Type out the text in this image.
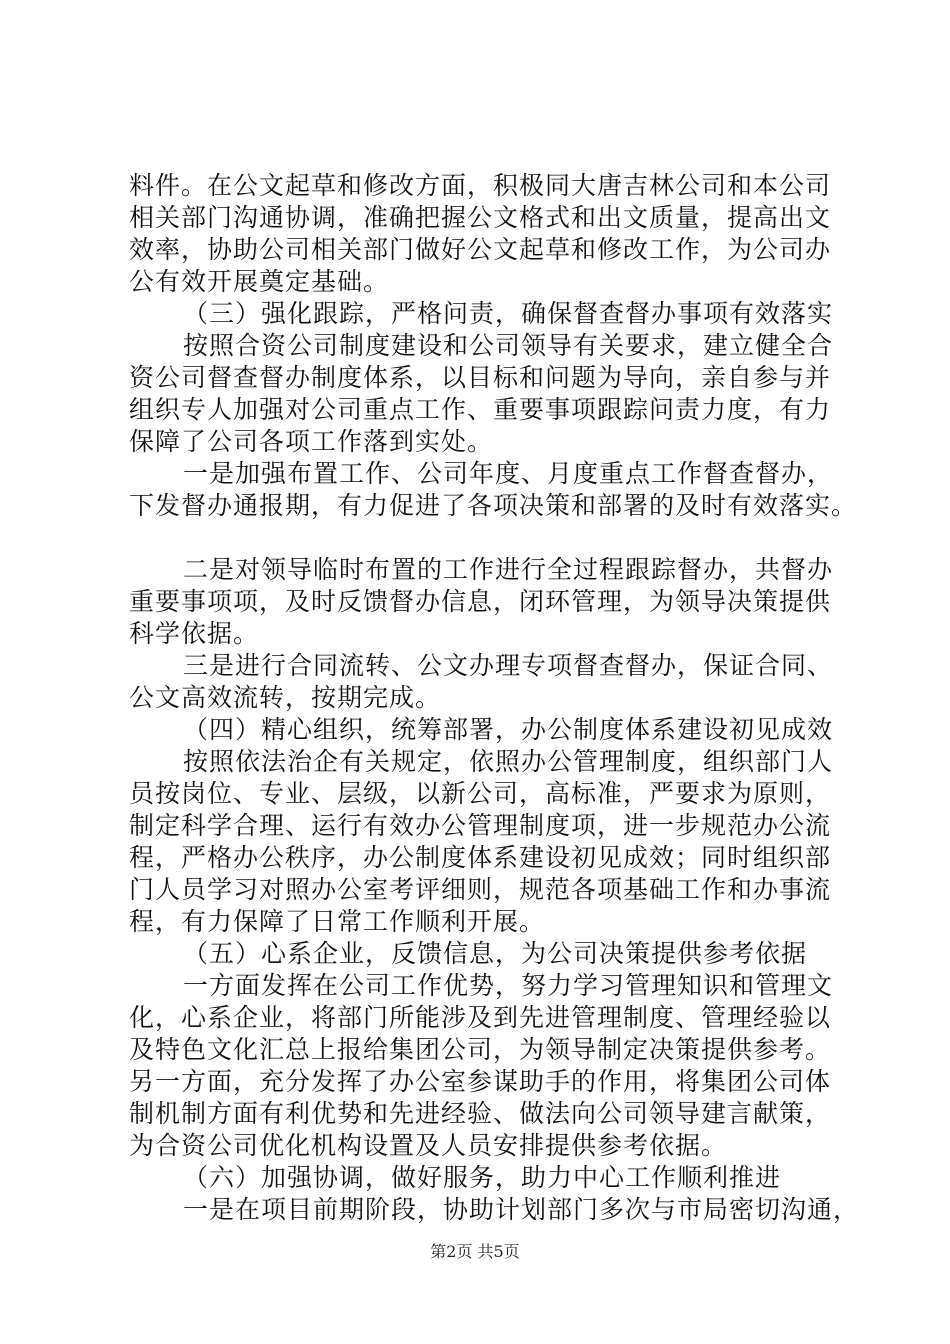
料件。在公文起草和修改方面，积极同大唐吉林公司和本公司
相关部门沟通协调，准确把握公文格式和出文质量，提高出文
效率，协助公司相关部门做好公文起草和修改工作，为公司办
公有效开展奠定基础。
（三）强化跟踪，严格问责，确保督查督办事项有效落实
按照合资公司制度建设和公司领导有关要求，建立健全合
资公司督查督办制度体系，以目标和问题为导向，亲自参与并
组织专人加强对公司重点工作、重要事项跟踪问责力度，有力
保障了公司各项工作落到实处。
一是加强布置工作、公司年度、月度重点工作督查督办，
下发督办通报期，有力促进了各项决策和部署的及时有效落实。
二是对领导临时布置的工作进行全过程跟踪督办，共督办
重要事项项，及时反馈督办信息，闭环管理，为领导决策提供
科学依据。
三是进行合同流转、公文办理专项督查督办，保证合同、
公文高效流转，按期完成。
（四）精心组织，统筹部署，办公制度体系建设初见成效
按照依法治企有关规定，依照办公管理制度，组织部门人
员按岗位、专业、层级，以新公司，高标准，严要求为原则，
制定科学合理、运行有效办公管理制度项，进一步规范办公流
程，严格办公秩序，办公制度体系建设初见成效；同时组织部
门人员学习对照办公室考评细则，规范各项基础工作和办事流
程，有力保障了日常工作顺利开展。
（五）心系企业，反馈信息，为公司决策提供参考依据
一方面发挥在公司工作优势，努力学习管理知识和管理文
化，心系企业，将部门所能涉及到先进管理制度、管理经验以
及特色文化汇总上报给集团公司，为领导制定决策提供参考。
另一方面，充分发挥了办公室参谋助手的作用，将集团公司体
制机制方面有利优势和先进经验、做法向公司领导建言献策，
为合资公司优化机构设置及人员安排提供参考依据。
（六）加强协调，做好服务，助力中心工作顺利推进
一是在项目前期阶段，协助计划部门多次与市局密切沟通，
第2页 共5页
